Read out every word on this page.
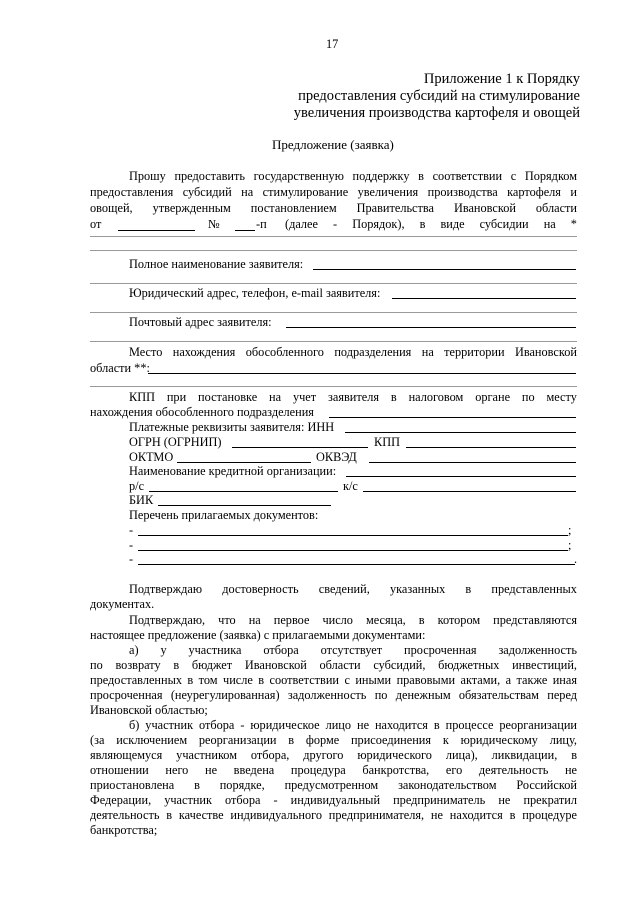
17
Приложение 1 к Порядку
предоставления субсидий на стимулирование
увеличения производства картофеля и овощей
Предложение (заявка)
Прошу предоставить государственную поддержку в соответствии с Порядком
предоставления субсидий на стимулирование увеличения производства картофеля и
овощей, утвержденным постановлением Правительства Ивановской области
от	№	-п (далее - Порядок), в виде субсидии на *
Полное наименование заявителя:
Юридический адрес, телефон, e-mail заявителя:
Почтовый адрес заявителя:
Место нахождения обособленного подразделения на территории Ивановской
области **:
КПП при постановке на учет заявителя в налоговом органе по месту
нахождения обособленного подразделения
Платежные реквизиты заявителя: ИНН
ОГРН (ОГРНИП)	КПП
ОКТМО	ОКВЭД
Наименование кредитной организации:
р/с	к/с
БИК
Перечень прилагаемых документов:
-	;
-	;
-	.
Подтверждаю достоверность сведений, указанных в представленных
документах.
Подтверждаю, что на первое число месяца, в котором представляются
настоящее предложение (заявка) с прилагаемыми документами:
а) у участника отбора отсутствует просроченная задолженность
по возврату в бюджет Ивановской области субсидий, бюджетных инвестиций,
предоставленных в том числе в соответствии с иными правовыми актами, а также иная
просроченная (неурегулированная) задолженность по денежным обязательствам перед
Ивановской областью;
б) участник отбора - юридическое лицо не находится в процессе реорганизации
(за исключением реорганизации в форме присоединения к юридическому лицу,
являющемуся участником отбора, другого юридического лица), ликвидации, в
отношении него не введена процедура банкротства, его деятельность не
приостановлена в порядке, предусмотренном законодательством Российской
Федерации, участник отбора - индивидуальный предприниматель не прекратил
деятельность в качестве индивидуального предпринимателя, не находится в процедуре
банкротства;
